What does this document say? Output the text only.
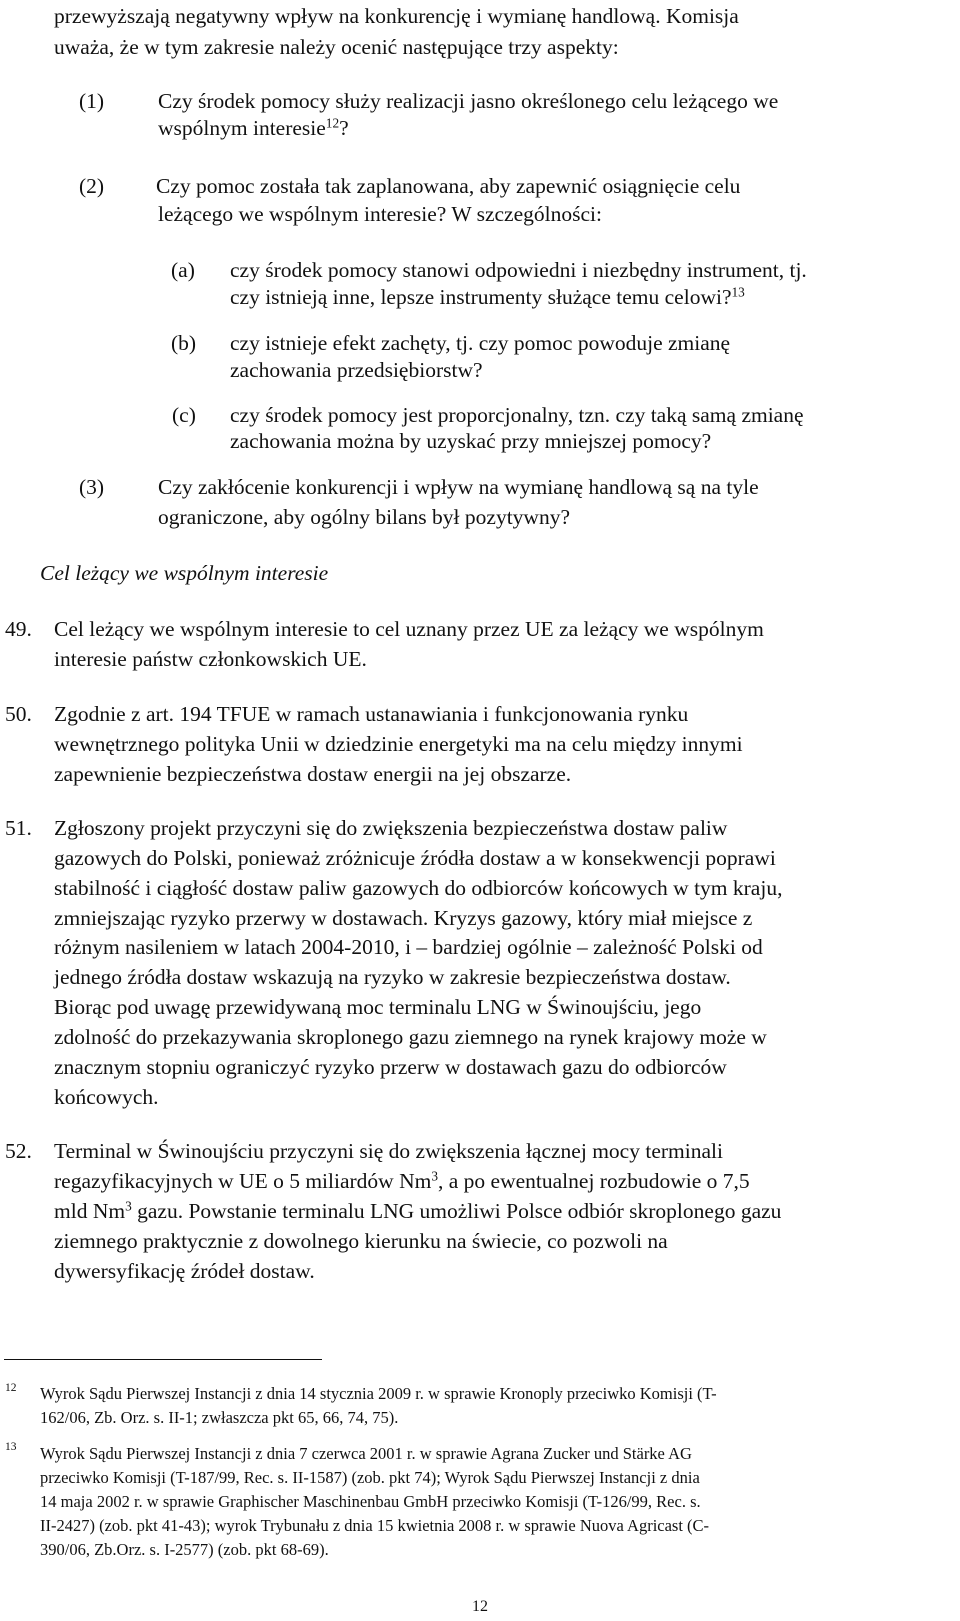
przewyższają negatywny wpływ na konkurencję i wymianę handlową. Komisja
uważa, że w tym zakresie należy ocenić następujące trzy aspekty:
(1)	Czy środek pomocy służy realizacji jasno określonego celu leżącego we
wspólnym interesie$^{12}$?
(2) Czy pomoc została tak zaplanowana, aby zapewnić osiągnięcie celu
leżącego we wspólnym interesie? W szczególności:
(a) czy środek pomocy stanowi odpowiedni i niezbędny instrument, tj.
czy istnieją inne, lepsze instrumenty służące temu celowi?$^{13}$
(b) czy istnieje efekt zachęty, tj. czy pomoc powoduje zmianę
zachowania przedsiębiorstw?
(c) czy środek pomocy jest proporcjonalny, tzn. czy taką samą zmianę
zachowania można by uzyskać przy mniejszej pomocy?
(3)	Czy zakłócenie konkurencji i wpływ na wymianę handlową są na tyle
ograniczone, aby ogólny bilans był pozytywny?
Cel leżący we wspólnym interesie
49. Cel leżący we wspólnym interesie to cel uznany przez UE za leżący we wspólnym
interesie państw członkowskich UE.
50. Zgodnie z art. 194 TFUE w ramach ustanawiania i funkcjonowania rynku
wewnętrznego polityka Unii w dziedzinie energetyki ma na celu między innymi
zapewnienie bezpieczeństwa dostaw energii na jej obszarze.
51. Zgłoszony projekt przyczyni się do zwiększenia bezpieczeństwa dostaw paliw
gazowych do Polski, ponieważ zróżnicuje źródła dostaw a w konsekwencji poprawi
stabilność i ciągłość dostaw paliw gazowych do odbiorców końcowych w tym kraju,
zmniejszając ryzyko przerwy w dostawach. Kryzys gazowy, który miał miejsce z
różnym nasileniem w latach 2004-2010, i – bardziej ogólnie – zależność Polski od
jednego źródła dostaw wskazują na ryzyko w zakresie bezpieczeństwa dostaw.
Biorąc pod uwagę przewidywaną moc terminalu LNG w Świnoujściu, jego
zdolność do przekazywania skroplonego gazu ziemnego na rynek krajowy może w
znacznym stopniu ograniczyć ryzyko przerw w dostawach gazu do odbiorców
końcowych.
52. Terminal w Świnoujściu przyczyni się do zwiększenia łącznej mocy terminali
regazyfikacyjnych w UE o 5 miliardów Nm$^3$, a po ewentualnej rozbudowie o 7,5
mld Nm$^3$ gazu. Powstanie terminalu LNG umożliwi Polsce odbiór skroplonego gazu
ziemnego praktycznie z dowolnego kierunku na świecie, co pozwoli na
dywersyfikację źródeł dostaw.
12 Wyrok Sądu Pierwszej Instancji z dnia 14 stycznia 2009 r. w sprawie Kronoply przeciwko Komisji (T-
162/06, Zb. Orz. s. II-1; zwłaszcza pkt 65, 66, 74, 75).
13 Wyrok Sądu Pierwszej Instancji z dnia 7 czerwca 2001 r. w sprawie Agrana Zucker und Stärke AG
przeciwko Komisji (T-187/99, Rec. s. II-1587) (zob. pkt 74); Wyrok Sądu Pierwszej Instancji z dnia
14 maja 2002 r. w sprawie Graphischer Maschinenbau GmbH przeciwko Komisji (T-126/99, Rec. s.
II-2427) (zob. pkt 41-43); wyrok Trybunału z dnia 15 kwietnia 2008 r. w sprawie Nuova Agricast (C-
390/06, Zb.Orz. s. I-2577) (zob. pkt 68-69).
12
